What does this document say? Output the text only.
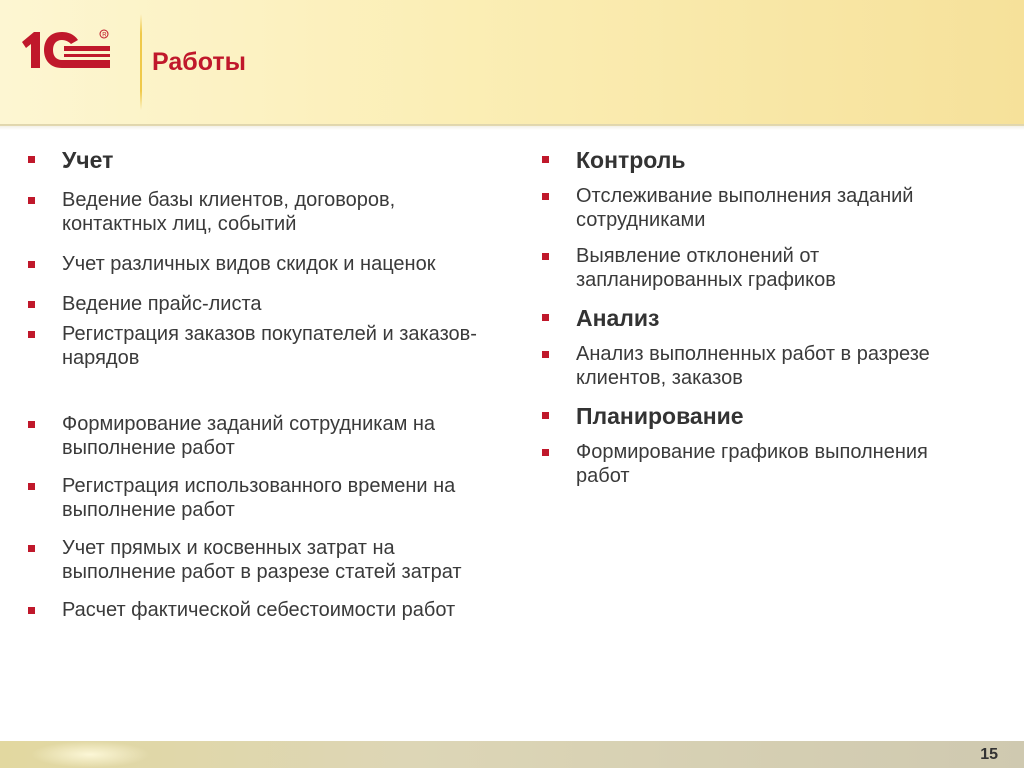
R
Работы
Учет
Ведение базы клиентов, договоров, контактных лиц, событий
Учет различных видов скидок и наценок
Ведение прайс-листа
Регистрация заказов покупателей и заказов-нарядов
Формирование заданий сотрудникам на выполнение работ
Регистрация использованного времени на выполнение работ
Учет прямых и косвенных затрат на выполнение работ в разрезе статей затрат
Расчет фактической себестоимости работ
Контроль
Отслеживание выполнения заданий сотрудниками
Выявление отклонений от запланированных графиков
Анализ
Анализ выполненных работ в разрезе клиентов, заказов
Планирование
Формирование графиков выполнения работ
15
